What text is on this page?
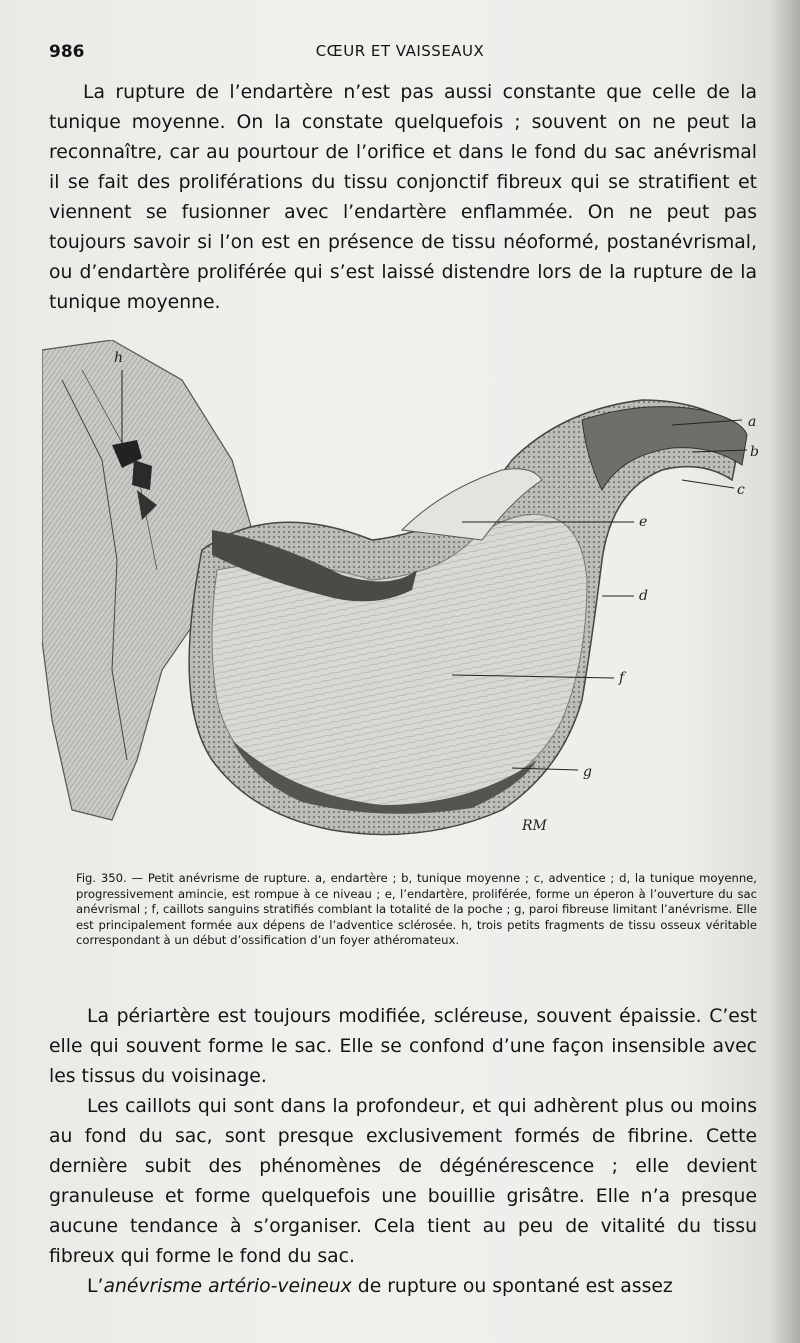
986	CŒUR ET VAISSEAUX

La rupture de l’endartère n’est pas aussi constante que celle de la tunique moyenne. On la constate quelquefois ; souvent on ne peut la reconnaître, car au pourtour de l’orifice et dans le fond du sac anévrismal il se fait des proliférations du tissu conjonctif fibreux qui se stratifient et viennent se fusionner avec l’endartère enflammée. On ne peut pas toujours savoir si l’on est en présence de tissu néoformé, postanévrismal, ou d’endartère proliférée qui s’est laissé distendre lors de la rupture de la tunique moyenne.

a
b
c
e
d
f
g
h
RM
Fig. 350. — Petit anévrisme de rupture. a, endartère ; b, tunique moyenne ; c, adventice ; d, la tunique moyenne, progressivement amincie, est rompue à ce niveau ; e, l’endartère, proliférée, forme un éperon à l’ouverture du sac anévrismal ; f, caillots sanguins stratifiés comblant la totalité de la poche ; g, paroi fibreuse limitant l’anévrisme. Elle est principalement formée aux dépens de l’adventice sclérosée. h, trois petits fragments de tissu osseux véritable correspondant à un début d’ossification d’un foyer athéromateux.

La périartère est toujours modifiée, scléreuse, souvent épaissie. C’est elle qui souvent forme le sac. Elle se confond d’une façon insensible avec les tissus du voisinage.

Les caillots qui sont dans la profondeur, et qui adhèrent plus ou moins au fond du sac, sont presque exclusivement formés de fibrine. Cette dernière subit des phénomènes de dégénérescence ; elle devient granuleuse et forme quelquefois une bouillie grisâtre. Elle n’a presque aucune tendance à s’organiser. Cela tient au peu de vitalité du tissu fibreux qui forme le fond du sac.

L’anévrisme artério-veineux de rupture ou spontané est assez
